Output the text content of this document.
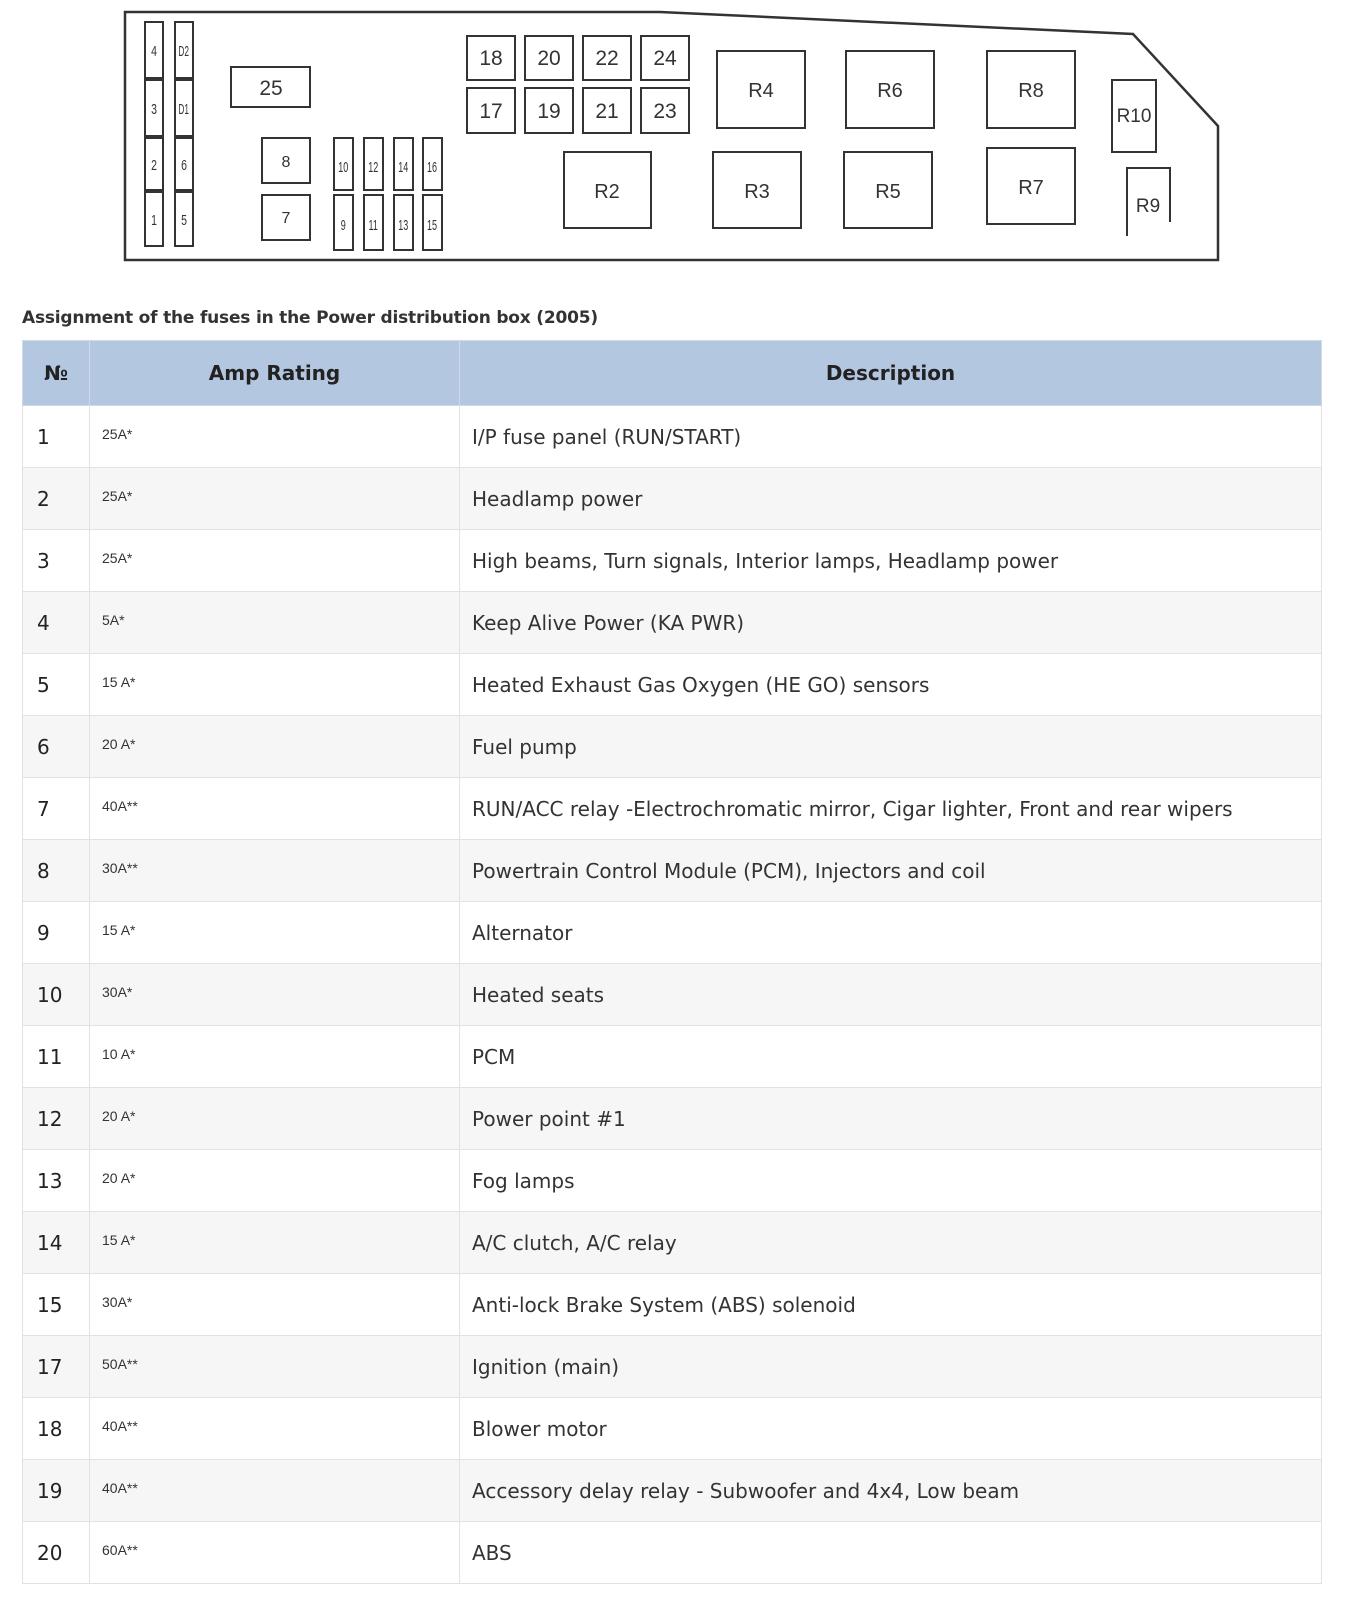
4
3
2
1
D2
D1
6
5
25
8
7
10 12 14 16
9 11 13 15
18 20 22 24
17 19 21 23
R4	R6	R8
R10
R2	R3	R5	R7
R9
Assignment of the fuses in the Power distribution box (2005)
№	Amp Rating	Description
1	25A*	I/P fuse panel (RUN/START)
2	25A*	Headlamp power
3	25A*	High beams, Turn signals, Interior lamps, Headlamp power
4	5A*	Keep Alive Power (KA PWR)
5	15 A*	Heated Exhaust Gas Oxygen (HE GO) sensors
6	20 A*	Fuel pump
7	40A**	RUN/ACC relay -Electrochromatic mirror, Cigar lighter, Front and rear wipers
8	30A**	Powertrain Control Module (PCM), Injectors and coil
9	15 A*	Alternator
10	30A*	Heated seats
11	10 A*	PCM
12	20 A*	Power point #1
13	20 A*	Fog lamps
14	15 A*	A/C clutch, A/C relay
15	30A*	Anti-lock Brake System (ABS) solenoid
17	50A**	Ignition (main)
18	40A**	Blower motor
19	40A**	Accessory delay relay - Subwoofer and 4x4, Low beam
20	60A**	ABS
